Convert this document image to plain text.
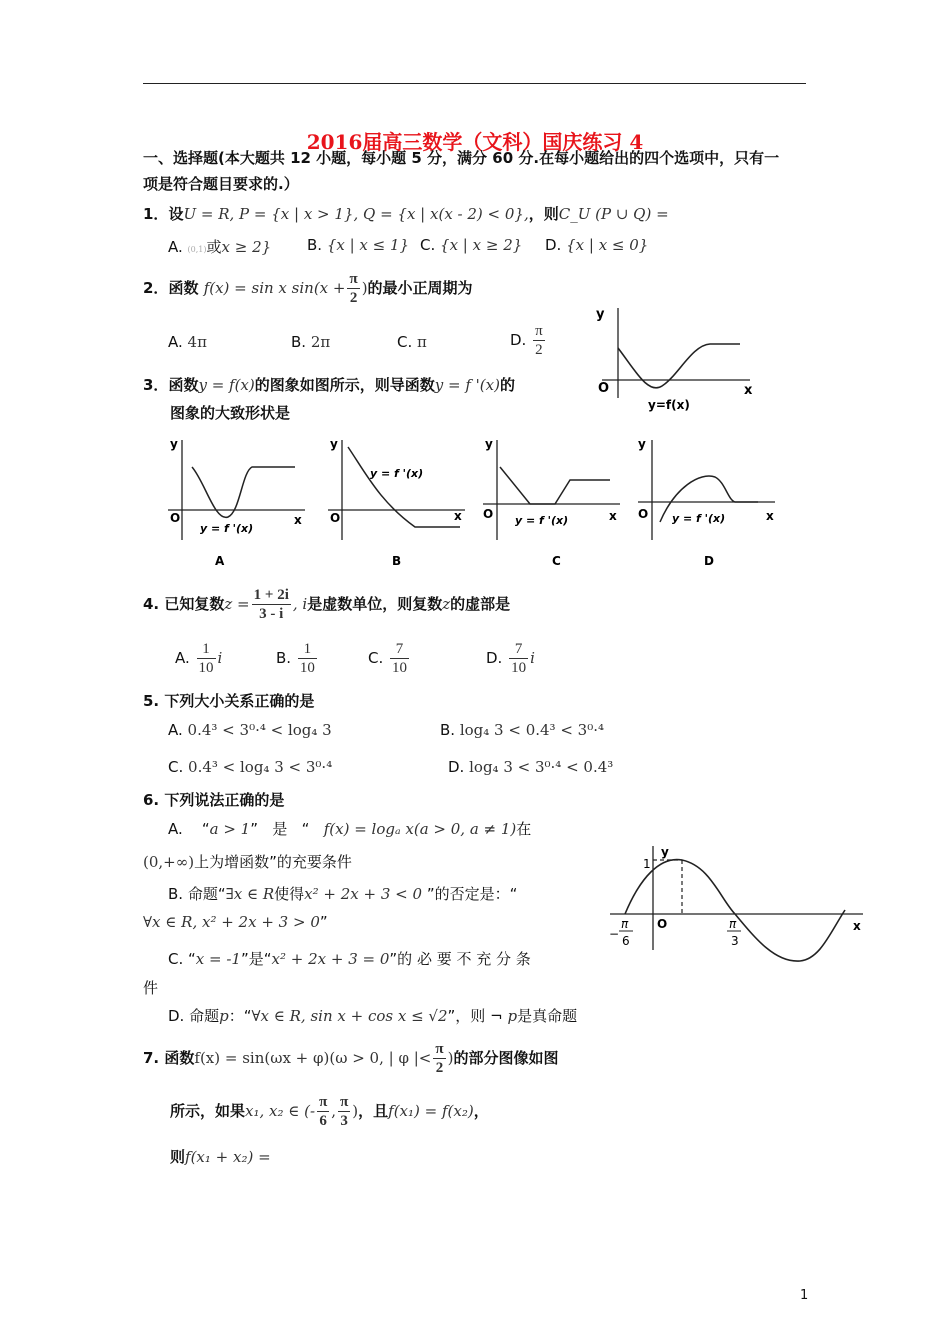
2016届高三数学（文科）国庆练习 4
一、选择题(本大题共 12 小题，每小题 5 分，满分 60 分.在每小题给出的四个选项中，只有一
项是符合题目要求的.）
1．设U = R, P = {x | x > 1}, Q = {x | x(x - 2) < 0},，则C_U (P ∪ Q) =
A. (0,1)或x ≥ 2} B. {x | x ≤ 1} C. {x | x ≥ 2} D. {x | x ≤ 0}
2．函数 f(x) = sin x $\sin(x + \frac{\pi}{2}$ )的最小正周期为
A. 4π	B. 2π	C. π	D. $\frac{\pi}{2}$
y
O	x
y=f(x)
3．函数y = f(x)的图象如图所示，则导函数y = f '(x)的
图象的大致形状是
y
O	x
y = f '(x)
A
y
O	x
y = f '(x)
B
y
O	x
y = f '(x)
C
y
O	x
y = f '(x)
D
4. 已知复数$z = \frac{1 + 2i}{3 - i}$ , i是虚数单位，则复数z的虚部是
A. $\frac{1}{10}$ i	B. $\frac{1}{10}$	C. $\frac{7}{10}$	D. $\frac{7}{10}$ i
5. 下列大小关系正确的是
A. 0.4³ < 3⁰·⁴ < log₄ 3	B. log₄ 3 < 0.4³ < 3⁰·⁴
C. 0.4³ < log₄ 3 < 3⁰·⁴	D. log₄ 3 < 3⁰·⁴ < 0.4³
6. 下列说法正确的是
A. “a > 1” 是 “ f(x) = logₐ x(a > 0, a ≠ 1)在
(0,+∞)上为增函数”的充要条件
B. 命题“∃x ∈ R使得x² + 2x + 3 < 0 ”的否定是：“
∀x ∈ R, x² + 2x + 3 > 0”
C. “x = -1”是“x² + 2x + 3 = 0”的 必 要 不 充 分 条
件
D. 命题p：“∀x ∈ R, sin x + cos x ≤ √2”，则 ¬ p是真命题
y
1
O	x
−
π
6
π
3
7. 函数f(x) = sin(ωx + φ)(ω > 0, | φ |< $\frac{\pi}{2}$ )的部分图像如图
所示，如果x₁, x₂ ∈ (- $\frac{\pi}{6}$ , $\frac{\pi}{3}$ )，且f(x₁) = f(x₂)，
则f(x₁ + x₂) =
1
